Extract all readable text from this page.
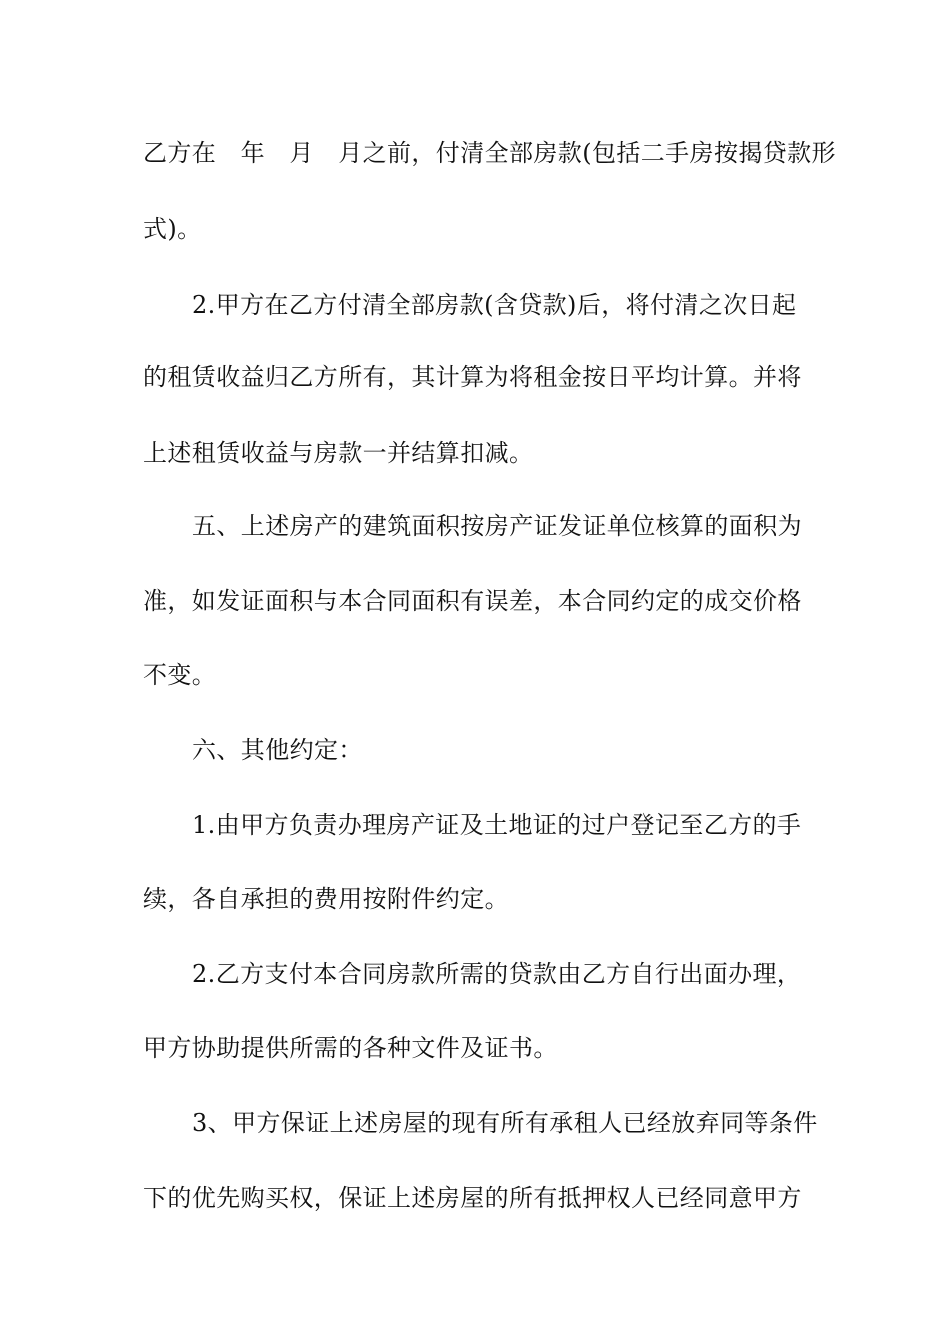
乙方在　年　月　月之前，付清全部房款(包括二手房按揭贷款形
式)。
2.甲方在乙方付清全部房款(含贷款)后，将付清之次日起
的租赁收益归乙方所有，其计算为将租金按日平均计算。并将
上述租赁收益与房款一并结算扣减。
五、上述房产的建筑面积按房产证发证单位核算的面积为
准，如发证面积与本合同面积有误差，本合同约定的成交价格
不变。
六、其他约定：
1.由甲方负责办理房产证及土地证的过户登记至乙方的手
续，各自承担的费用按附件约定。
2.乙方支付本合同房款所需的贷款由乙方自行出面办理，
甲方协助提供所需的各种文件及证书。
3、甲方保证上述房屋的现有所有承租人已经放弃同等条件
下的优先购买权，保证上述房屋的所有抵押权人已经同意甲方
